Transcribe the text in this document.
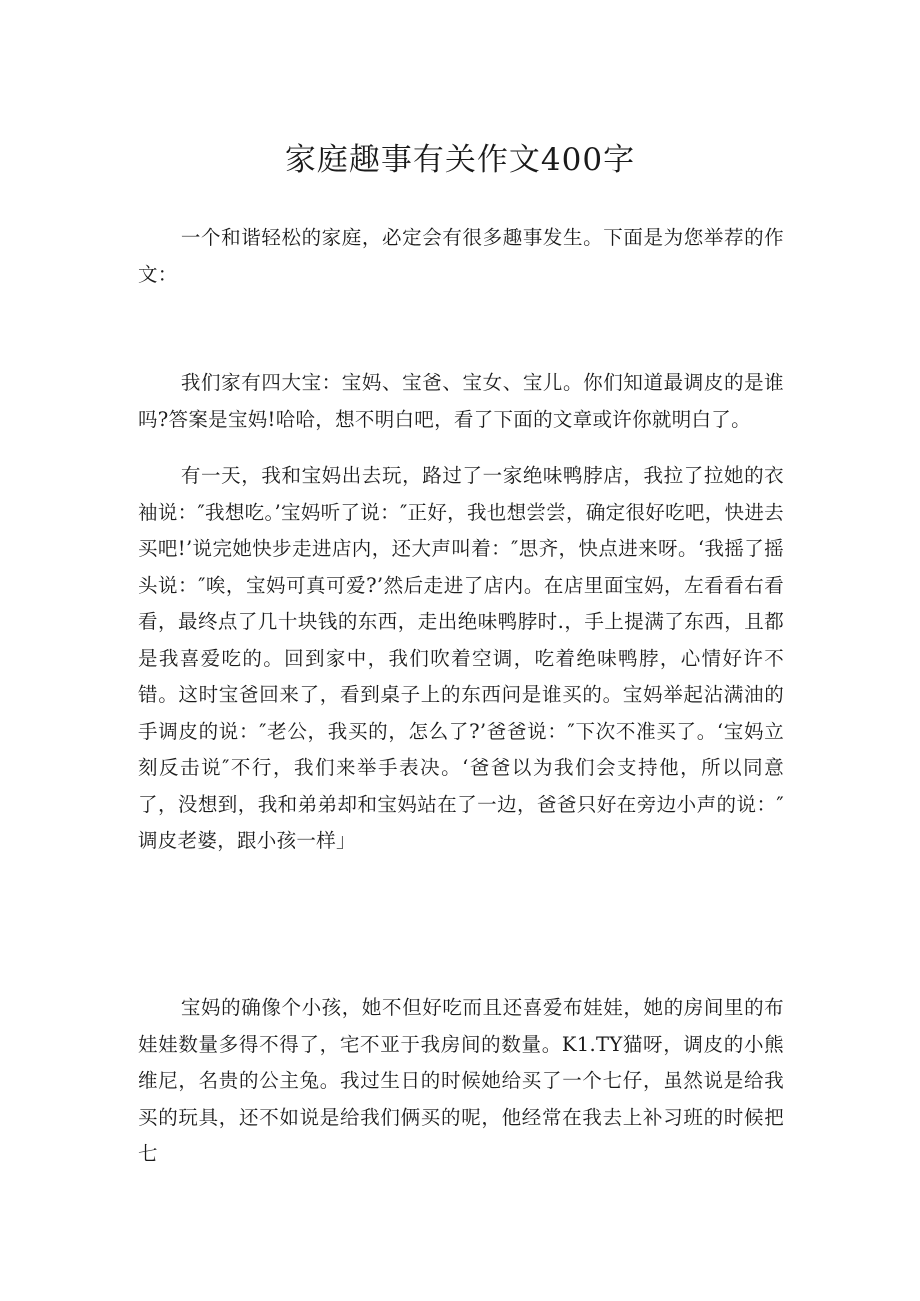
家庭趣事有关作文400字

一个和谐轻松的家庭，必定会有很多趣事发生。下面是为您举荐的作文：

我们家有四大宝：宝妈、宝爸、宝女、宝儿。你们知道最调皮的是谁吗?答案是宝妈!哈哈，想不明白吧，看了下面的文章或许你就明白了。

有一天，我和宝妈出去玩，路过了一家绝味鸭脖店，我拉了拉她的衣袖说：″我想吃。’宝妈听了说：″正好，我也想尝尝，确定很好吃吧，快进去买吧!’说完她快步走进店内，还大声叫着：″思齐，快点进来呀。‘我摇了摇头说：″唉，宝妈可真可爱?’然后走进了店内。在店里面宝妈，左看看右看看，最终点了几十块钱的东西，走出绝味鸭脖时.，手上提满了东西，且都是我喜爱吃的。回到家中，我们吹着空调，吃着绝味鸭脖，心情好许不错。这时宝爸回来了，看到桌子上的东西问是谁买的。宝妈举起沾满油的手调皮的说：″老公，我买的，怎么了?’爸爸说：″下次不准买了。‘宝妈立刻反击说″不行，我们来举手表决。‘爸爸以为我们会支持他，所以同意了，没想到，我和弟弟却和宝妈站在了一边，爸爸只好在旁边小声的说：″调皮老婆，跟小孩一样」

宝妈的确像个小孩，她不但好吃而且还喜爱布娃娃，她的房间里的布娃娃数量多得不得了，宅不亚于我房间的数量。K1.TY猫呀，调皮的小熊维尼，名贵的公主兔。我过生日的时候她给买了一个七仔，虽然说是给我买的玩具，还不如说是给我们俩买的呢，他经常在我去上补习班的时候把七
